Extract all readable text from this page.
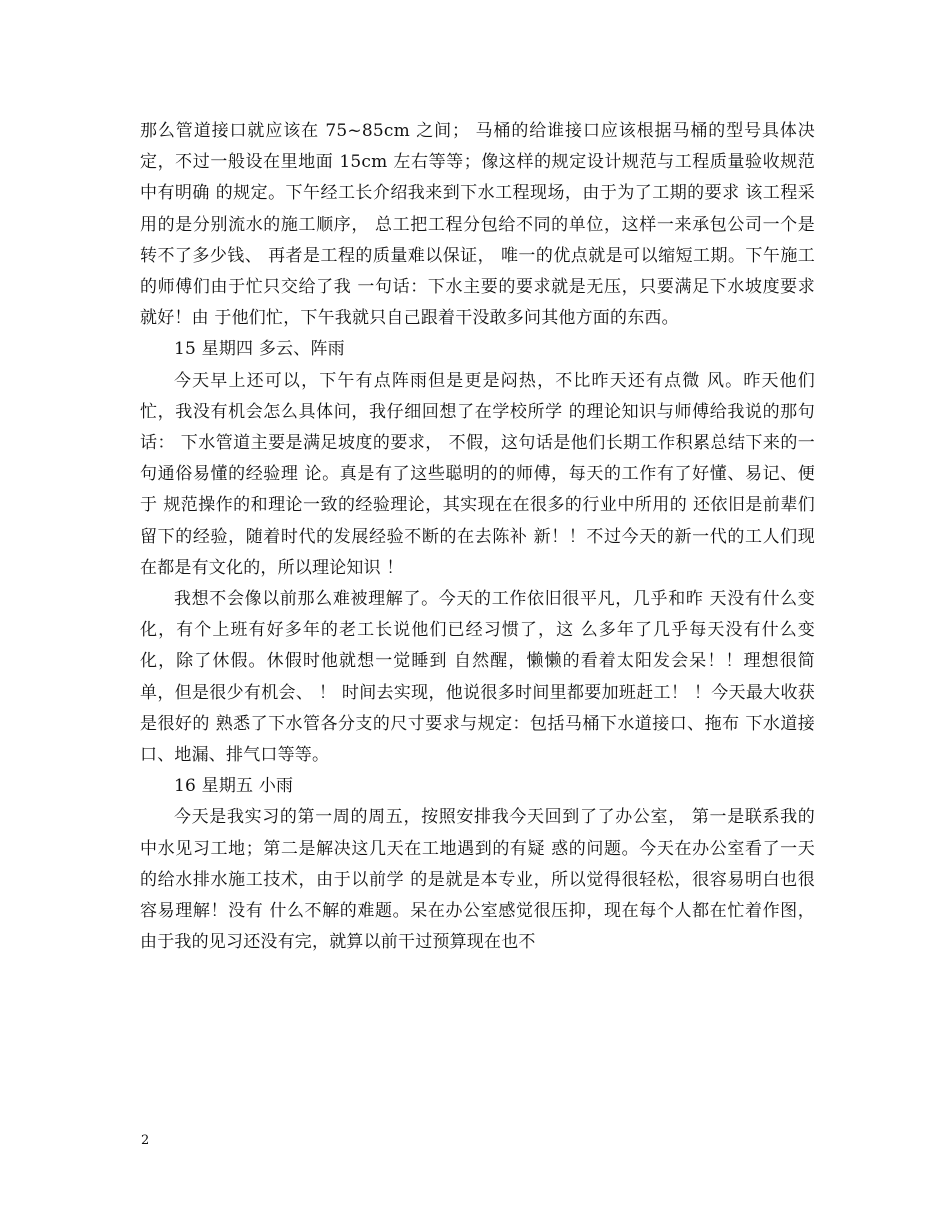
那么管道接口就应该在 75~85cm 之间； 马桶的给谁接口应该根据马桶的型号具体决定，不过一般设在里地面 15cm 左右等等；像这样的规定设计规范与工程质量验收规范中有明确 的规定。下午经工长介绍我来到下水工程现场，由于为了工期的要求 该工程采用的是分别流水的施工顺序， 总工把工程分包给不同的单位，这样一来承包公司一个是转不了多少钱、 再者是工程的质量难以保证， 唯一的优点就是可以缩短工期。下午施工的师傅们由于忙只交给了我 一句话：下水主要的要求就是无压，只要满足下水坡度要求就好！由 于他们忙，下午我就只自己跟着干没敢多问其他方面的东西。

15 星期四 多云、阵雨

今天早上还可以，下午有点阵雨但是更是闷热，不比昨天还有点微 风。昨天他们忙，我没有机会怎么具体问，我仔细回想了在学校所学 的理论知识与师傅给我说的那句话： 下水管道主要是满足坡度的要求， 不假，这句话是他们长期工作积累总结下来的一句通俗易懂的经验理 论。真是有了这些聪明的的师傅，每天的工作有了好懂、易记、便于 规范操作的和理论一致的经验理论，其实现在在很多的行业中所用的 还依旧是前辈们留下的经验，随着时代的发展经验不断的在去陈补 新！！不过今天的新一代的工人们现在都是有文化的，所以理论知识 ！

我想不会像以前那么难被理解了。今天的工作依旧很平凡，几乎和昨 天没有什么变化，有个上班有好多年的老工长说他们已经习惯了，这 么多年了几乎每天没有什么变化，除了休假。休假时他就想一觉睡到 自然醒，懒懒的看着太阳发会呆！！理想很简单，但是很少有机会、 ！ 时间去实现，他说很多时间里都要加班赶工！ ！今天最大收获是很好的 熟悉了下水管各分支的尺寸要求与规定：包括马桶下水道接口、拖布 下水道接口、地漏、排气口等等。

16 星期五 小雨

今天是我实习的第一周的周五，按照安排我今天回到了了办公室， 第一是联系我的中水见习工地；第二是解决这几天在工地遇到的有疑 惑的问题。今天在办公室看了一天的给水排水施工技术，由于以前学 的是就是本专业，所以觉得很轻松，很容易明白也很容易理解！没有 什么不解的难题。呆在办公室感觉很压抑，现在每个人都在忙着作图， 由于我的见习还没有完，就算以前干过预算现在也不

2
